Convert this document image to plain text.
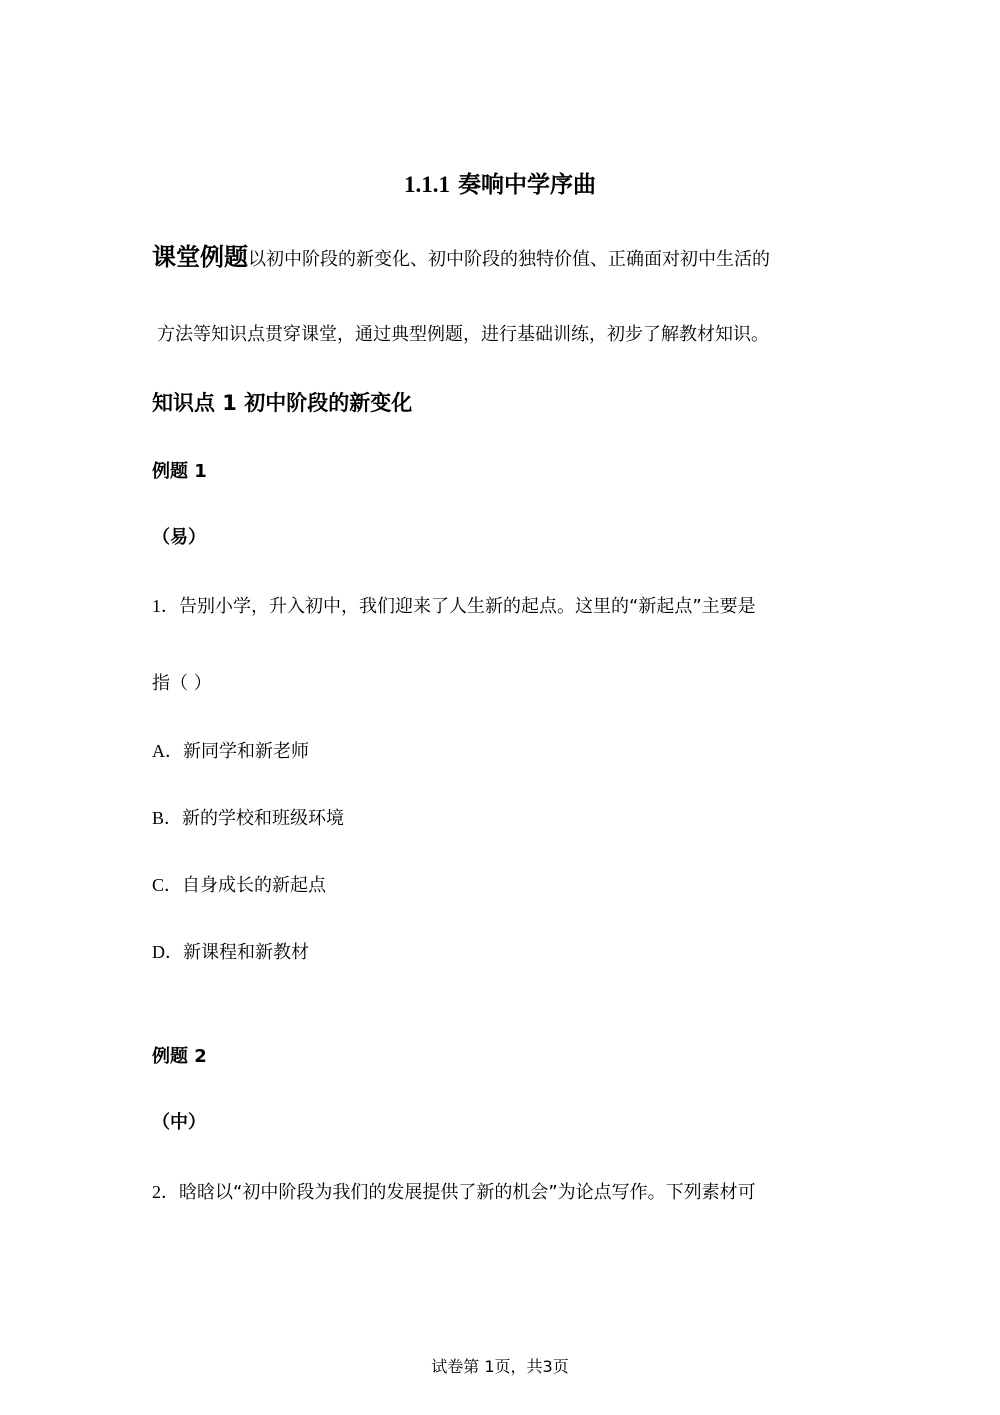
1.1.1 奏响中学序曲
课堂例题以初中阶段的新变化、初中阶段的独特价值、正确面对初中生活的
方法等知识点贯穿课堂，通过典型例题，进行基础训练，初步了解教材知识。
知识点 1 初中阶段的新变化
例题 1
（易）
1．告别小学，升入初中，我们迎来了人生新的起点。这里的“新起点”主要是
指（ ）
A．新同学和新老师
B．新的学校和班级环境
C．自身成长的新起点
D．新课程和新教材
例题 2
（中）
2．晗晗以“初中阶段为我们的发展提供了新的机会”为论点写作。下列素材可
试卷第 1页，共3页
